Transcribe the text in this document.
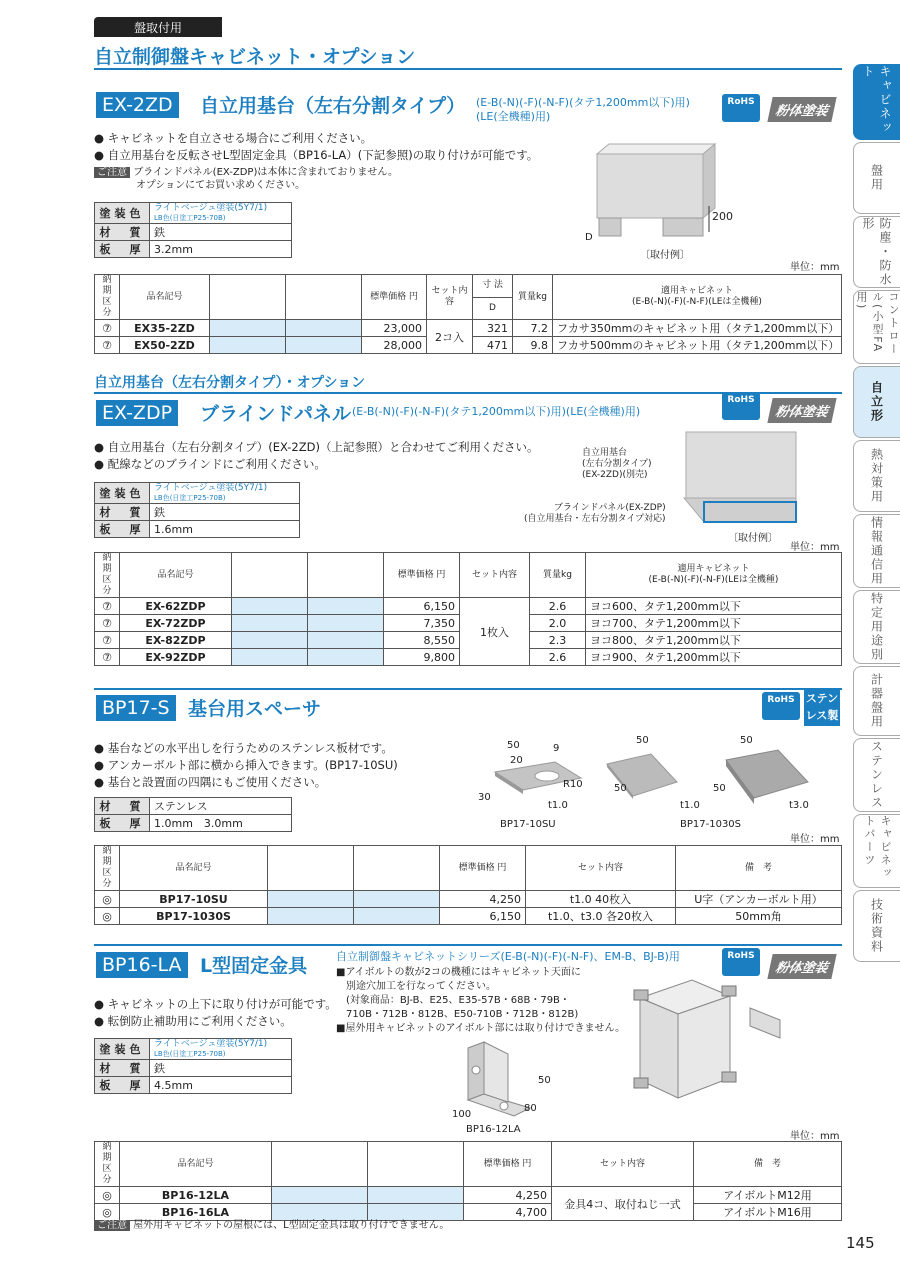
盤取付用
自立制御盤キャビネット・オプション
キャビネット
盤用
防塵・防水形
コントロール(小型FA用)
自立形
熱対策用
情報通信用
特定用途別
計器盤用
ステンレス
キャビネットパーツ
技術資料
EX-2ZD	自立用基台（左右分割タイプ） (E-B(-N)(-F)(-N-F)(タテ1,200mm以下)用)
(LE(全機種)用)
RoHS
粉体塗装
● キャビネットを自立させる場合にご利用ください。
● 自立用基台を反転させL型固定金具（BP16-LA）(下記参照)の取り付けが可能です。
ご注意 ブラインドパネル(EX-ZDP)は本体に含まれておりません。
オプションにてお買い求めください。
塗装色	ライトベージュ塗装(5Y7/1)
LB色(日塗工P25-70B)
材　質	鉄
板　厚	3.2mm
D
200
〔取付例〕
単位：mm
納期区分	品名記号			標準価格 円	セット内容	寸 法	質量kg	適用キャビネット
(E-B(-N)(-F)(-N-F)(LEは全機種)
						D		
⑦	EX35-2ZD			23,000	2コ入	321	7.2	フカサ350mmのキャビネット用（タテ1,200mm以下）
⑦	EX50-2ZD			28,000		471	9.8	フカサ500mmのキャビネット用（タテ1,200mm以下）
自立用基台（左右分割タイプ）・オプション
EX-ZDP	ブラインドパネル (E-B(-N)(-F)(-N-F)(タテ1,200mm以下)用)(LE(全機種)用)
RoHS
粉体塗装
● 自立用基台（左右分割タイプ）(EX-2ZD)（上記参照）と合わせてご利用ください。
● 配線などのブラインドにご利用ください。
塗装色	ライトベージュ塗装(5Y7/1)
LB色(日塗工P25-70B)
材　質	鉄
板　厚	1.6mm
自立用基台
(左右分割タイプ)
(EX-2ZD)(別売)
ブラインドパネル(EX-ZDP)
(自立用基台・左右分割タイプ対応)
〔取付例〕
単位：mm
納期区分	品名記号			標準価格 円	セット内容	質量kg	適用キャビネット
(E-B(-N)(-F)(-N-F)(LEは全機種)
⑦	EX-62ZDP			6,150	1枚入	2.6	ヨコ600、タテ1,200mm以下
⑦	EX-72ZDP			7,350		2.0	ヨコ700、タテ1,200mm以下
⑦	EX-82ZDP			8,550		2.3	ヨコ800、タテ1,200mm以下
⑦	EX-92ZDP			9,800		2.6	ヨコ900、タテ1,200mm以下
BP17-S 基台用スペーサ	RoHS	ステンレス製
● 基台などの水平出しを行うためのステンレス板材です。
● アンカーボルト部に横から挿入できます。(BP17-10SU)
● 基台と設置面の四隅にもご使用ください。
材　質	ステンレス
板　厚	1.0mm　3.0mm
50	9
20
R10
30
t1.0
BP17-10SU
50
50
50
50
t1.0	t3.0
BP17-1030S
単位：mm
納期区分	品名記号			標準価格 円	セット内容	備　考
◎	BP17-10SU			4,250	t1.0 40枚入	U字（アンカーボルト用）
◎	BP17-1030S			6,150	t1.0、t3.0 各20枚入	50mm角
BP16-LA L型固定金具	自立制御盤キャビネットシリーズ(E-B(-N)(-F)(-N-F)、EM-B、BJ-B)用	RoHS
粉体塗装
■アイボルトの数が2コの機種にはキャビネット天面に
　別途穴加工を行なってください。
　(対象商品：BJ-B、E25、E35-57B・68B・79B・
　710B・712B・812B、E50-710B・712B・812B)
■屋外用キャビネットのアイボルト部には取り付けできません。
● キャビネットの上下に取り付けが可能です。
● 転倒防止補助用にご利用ください。
塗装色	ライトベージュ塗装(5Y7/1)
LB色(日塗工P25-70B)
材　質	鉄
板　厚	4.5mm	50
80
100
BP16-12LA
単位：mm
納期区分	品名記号			標準価格 円	セット内容	備　考
◎	BP16-12LA			4,250	金具4コ、取付ねじ一式	アイボルトM12用
◎	BP16-16LA			4,700		アイボルトM16用
ご注意 屋外用キャビネットの屋根には、L型固定金具は取り付けできません。
145
